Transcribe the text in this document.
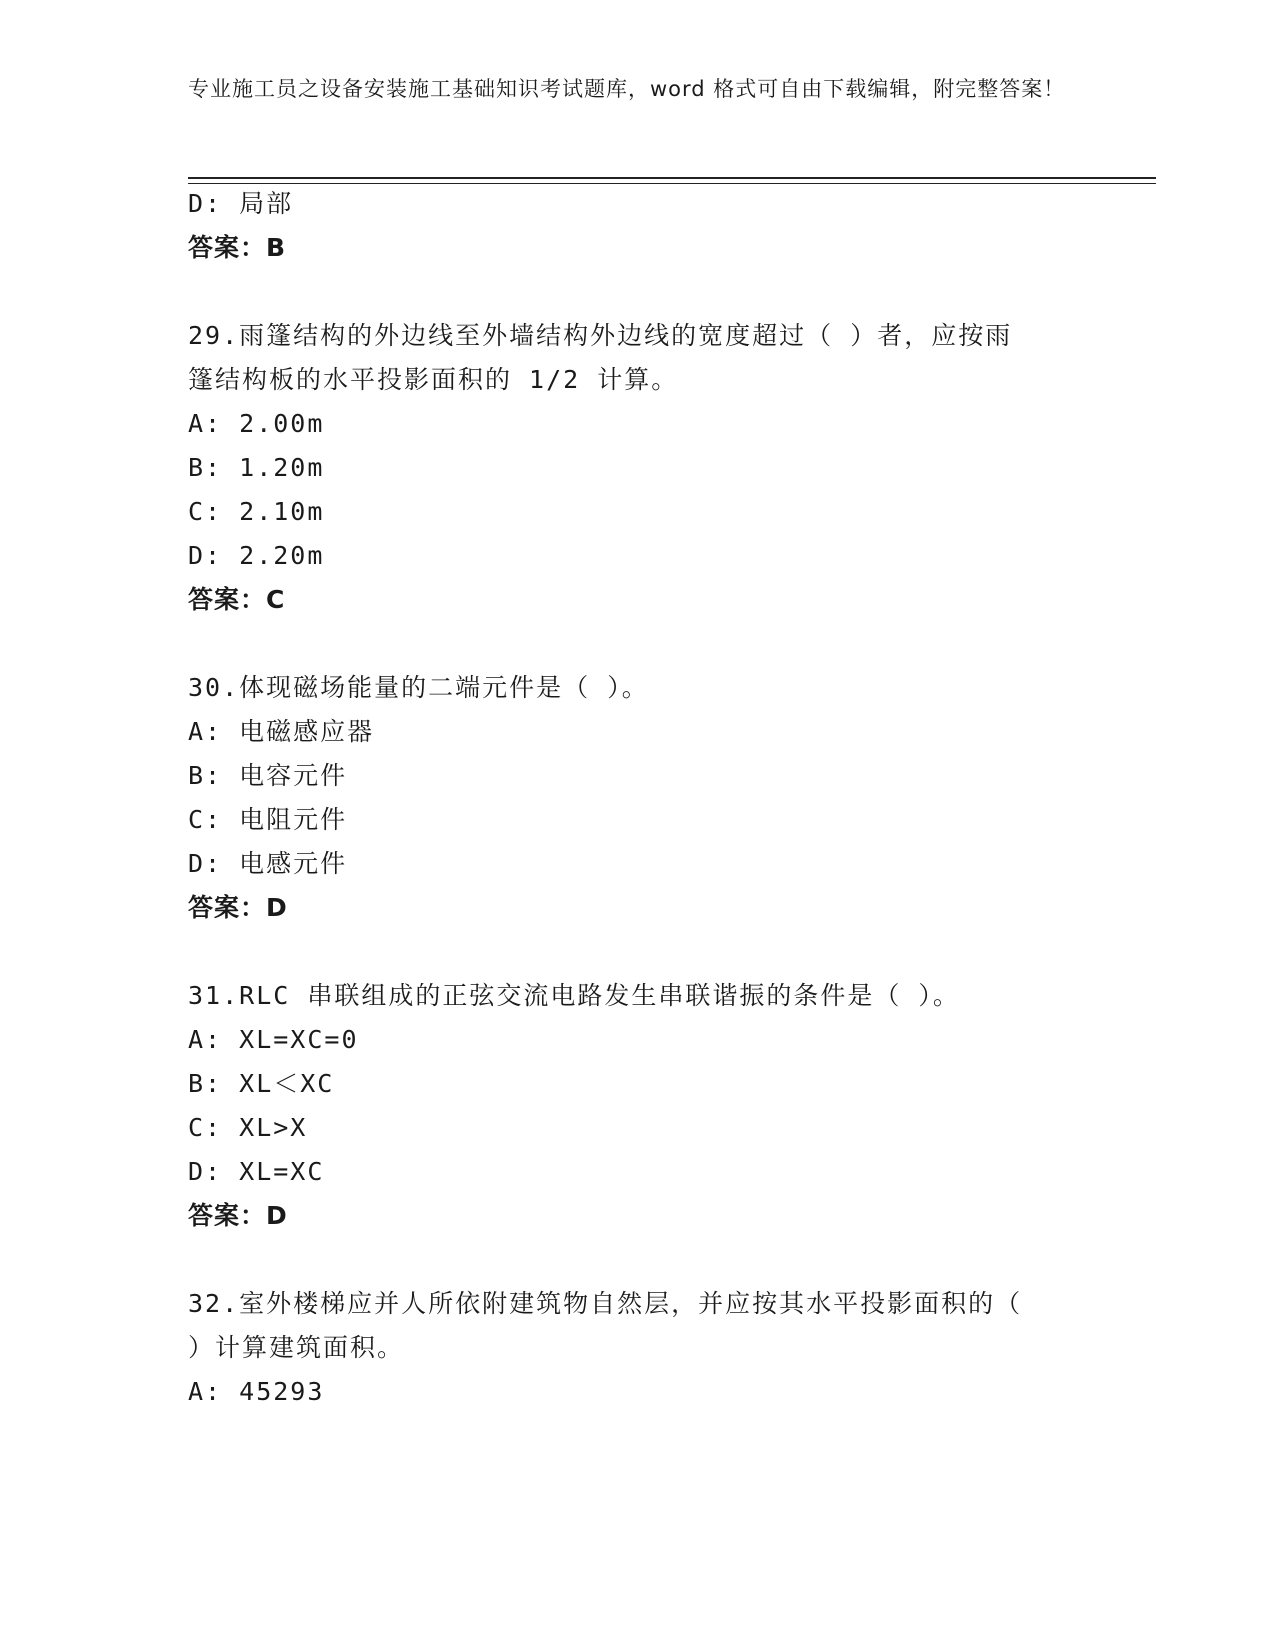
专业施工员之设备安装施工基础知识考试题库，word 格式可自由下载编辑，附完整答案！
D: 局部
答案：B
29.雨篷结构的外边线至外墙结构外边线的宽度超过（ ）者，应按雨
篷结构板的水平投影面积的 1/2 计算。
A: 2.00m
B: 1.20m
C: 2.10m
D: 2.20m
答案：C
30.体现磁场能量的二端元件是（ ）。
A: 电磁感应器
B: 电容元件
C: 电阻元件
D: 电感元件
答案：D
31.RLC 串联组成的正弦交流电路发生串联谐振的条件是（ ）。
A: XL=XC=0
B: XL＜XC
C: XL>X
D: XL=XC
答案：D
32.室外楼梯应并人所依附建筑物自然层，并应按其水平投影面积的（
）计算建筑面积。
A: 45293
